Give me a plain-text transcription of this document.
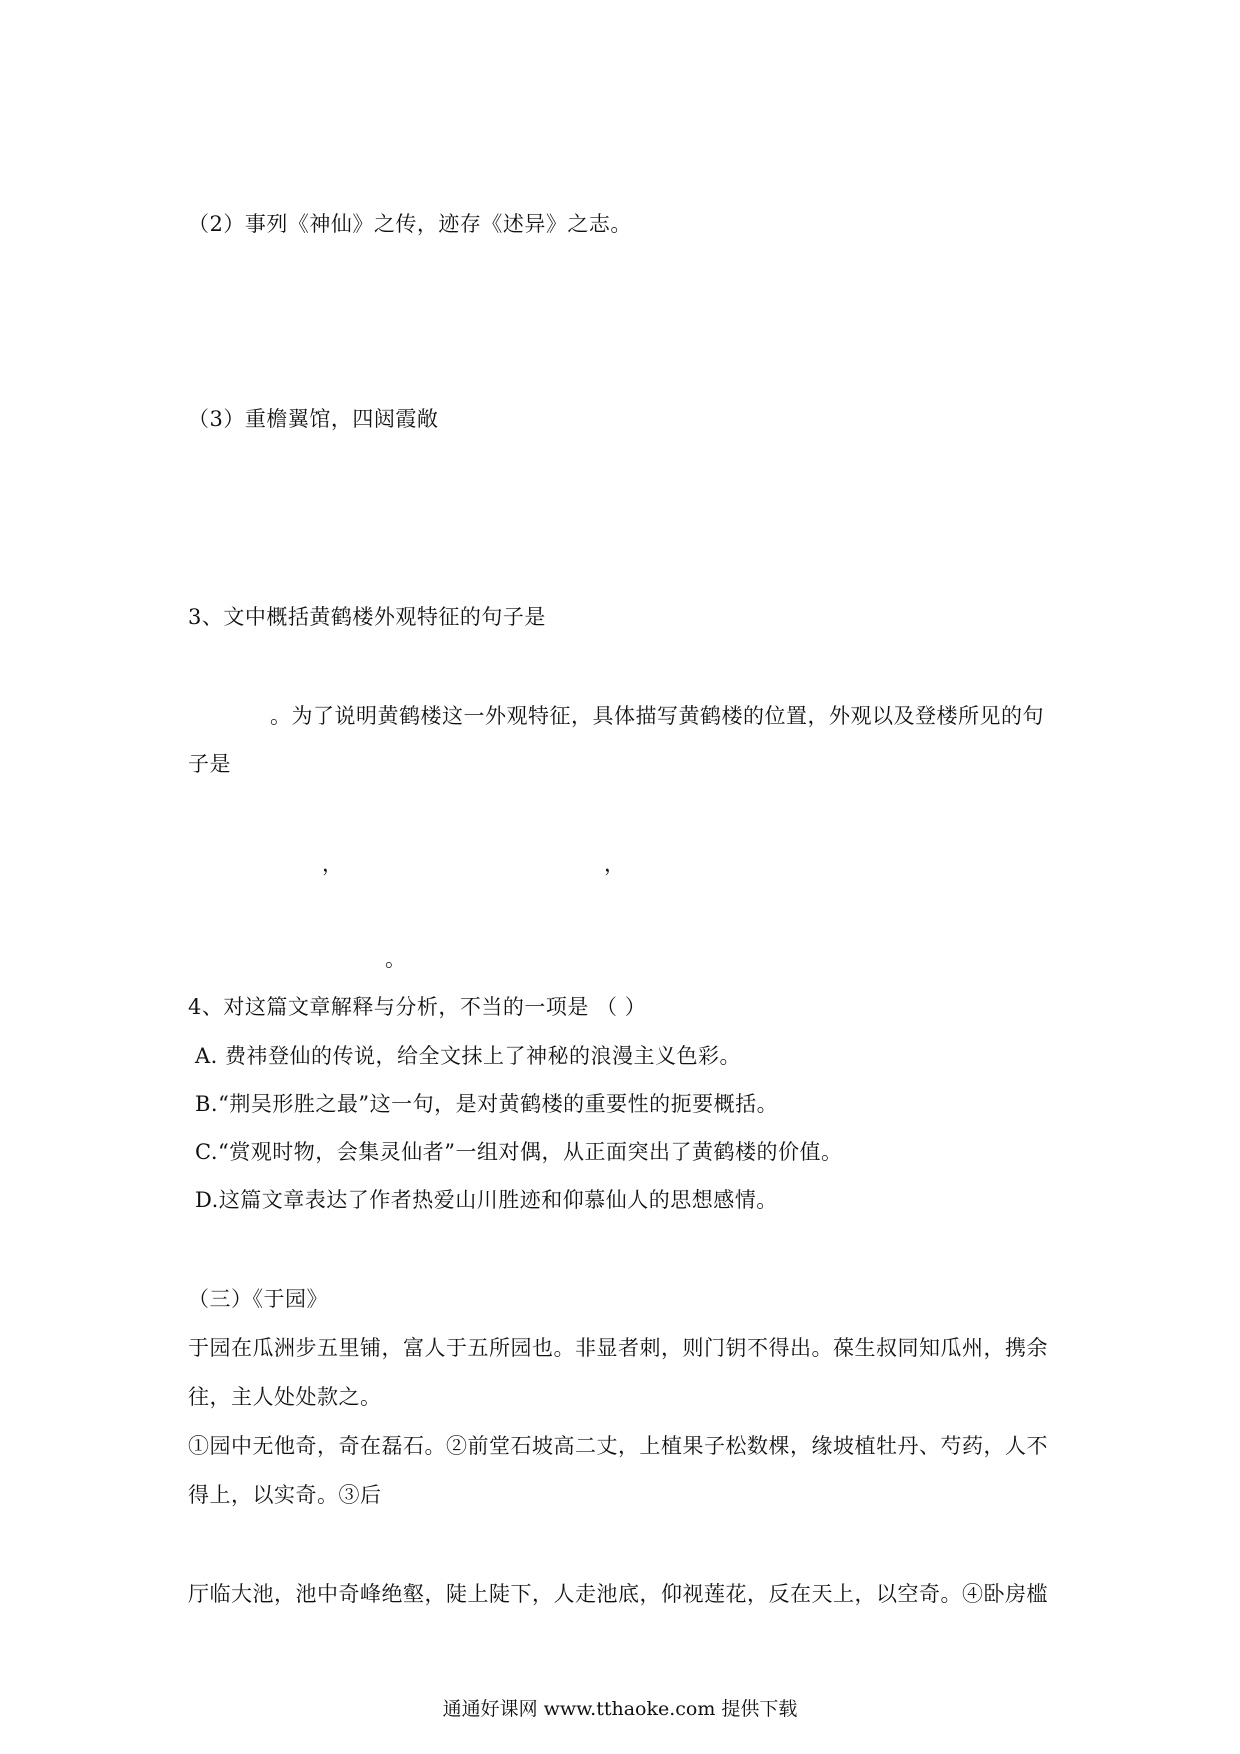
（2）事列《神仙》之传，迹存《述异》之志。
（3）重檐翼馆，四闼霞敞
3、文中概括黄鹤楼外观特征的句子是
。为了说明黄鹤楼这一外观特征，具体描写黄鹤楼的位置，外观以及登楼所见的句
子是
，	，
。
4、对这篇文章解释与分析，不当的一项是 （ ）
A. 费祎登仙的传说，给全文抹上了神秘的浪漫主义色彩。
B.“荆吴形胜之最”这一句，是对黄鹤楼的重要性的扼要概括。
C.“赏观时物，会集灵仙者”一组对偶，从正面突出了黄鹤楼的价值。
D.这篇文章表达了作者热爱山川胜迹和仰慕仙人的思想感情。
（三）《于园》
于园在瓜洲步五里铺，富人于五所园也。非显者刺，则门钥不得出。葆生叔同知瓜州，携余
往，主人处处款之。
①园中无他奇，奇在磊石。②前堂石坡高二丈，上植果子松数棵，缘坡植牡丹、芍药，人不
得上，以实奇。③后
厅临大池，池中奇峰绝壑，陡上陡下，人走池底，仰视莲花，反在天上，以空奇。④卧房槛
通通好课网 www.tthaoke.com 提供下载
